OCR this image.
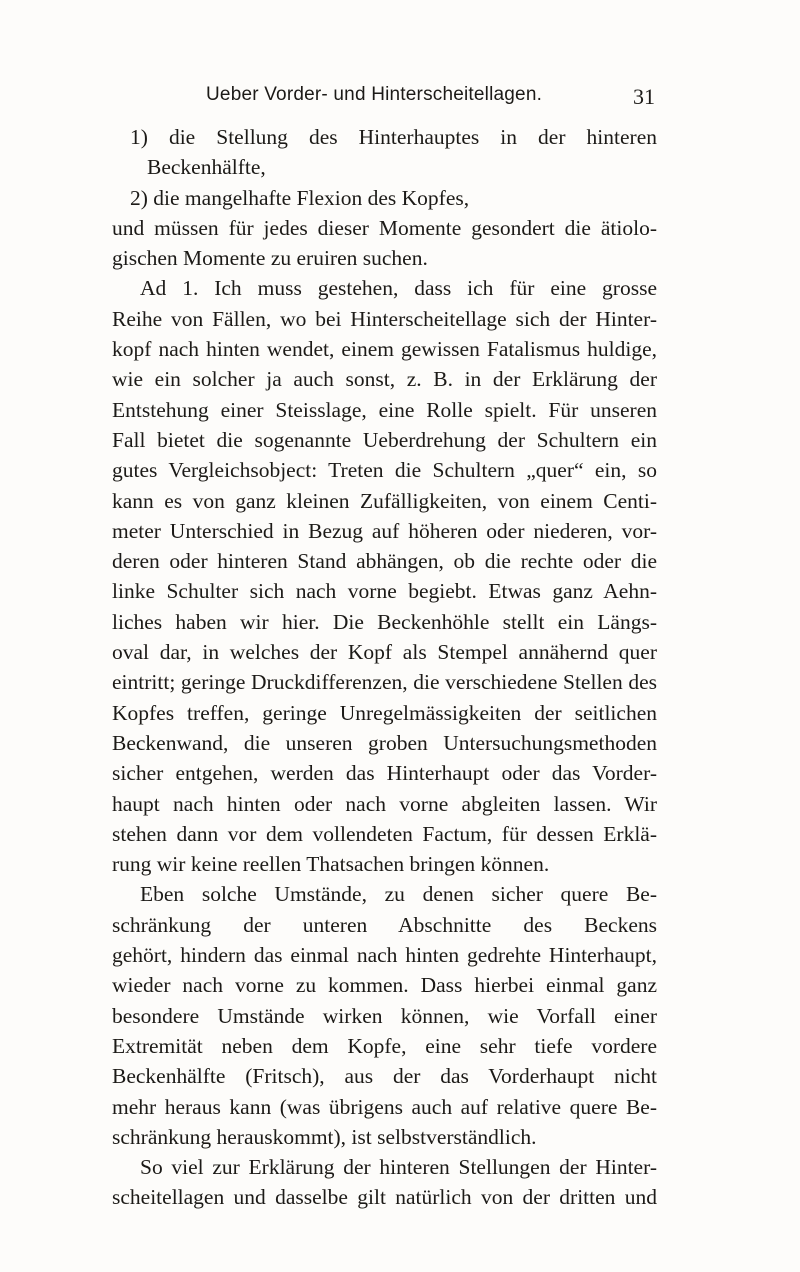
Ueber Vorder- und Hinterscheitellagen.	31
1) die Stellung des Hinterhauptes in der hinteren
Beckenhälfte,
2) die mangelhafte Flexion des Kopfes,
und müssen für jedes dieser Momente gesondert die ätiolo-
gischen Momente zu eruiren suchen.
Ad 1. Ich muss gestehen, dass ich für eine grosse
Reihe von Fällen, wo bei Hinterscheitellage sich der Hinter-
kopf nach hinten wendet, einem gewissen Fatalismus huldige,
wie ein solcher ja auch sonst, z. B. in der Erklärung der
Entstehung einer Steisslage, eine Rolle spielt. Für unseren
Fall bietet die sogenannte Ueberdrehung der Schultern ein
gutes Vergleichsobject: Treten die Schultern „quer“ ein, so
kann es von ganz kleinen Zufälligkeiten, von einem Centi-
meter Unterschied in Bezug auf höheren oder niederen, vor-
deren oder hinteren Stand abhängen, ob die rechte oder die
linke Schulter sich nach vorne begiebt. Etwas ganz Aehn-
liches haben wir hier. Die Beckenhöhle stellt ein Längs-
oval dar, in welches der Kopf als Stempel annähernd quer
eintritt; geringe Druckdifferenzen, die verschiedene Stellen des
Kopfes treffen, geringe Unregelmässigkeiten der seitlichen
Beckenwand, die unseren groben Untersuchungsmethoden
sicher entgehen, werden das Hinterhaupt oder das Vorder-
haupt nach hinten oder nach vorne abgleiten lassen. Wir
stehen dann vor dem vollendeten Factum, für dessen Erklä-
rung wir keine reellen Thatsachen bringen können.
Eben solche Umstände, zu denen sicher quere Be-
schränkung der unteren Abschnitte des Beckens
gehört, hindern das einmal nach hinten gedrehte Hinterhaupt,
wieder nach vorne zu kommen. Dass hierbei einmal ganz
besondere Umstände wirken können, wie Vorfall einer
Extremität neben dem Kopfe, eine sehr tiefe vordere
Beckenhälfte (Fritsch), aus der das Vorderhaupt nicht
mehr heraus kann (was übrigens auch auf relative quere Be-
schränkung herauskommt), ist selbstverständlich.
So viel zur Erklärung der hinteren Stellungen der Hinter-
scheitellagen und dasselbe gilt natürlich von der dritten und
